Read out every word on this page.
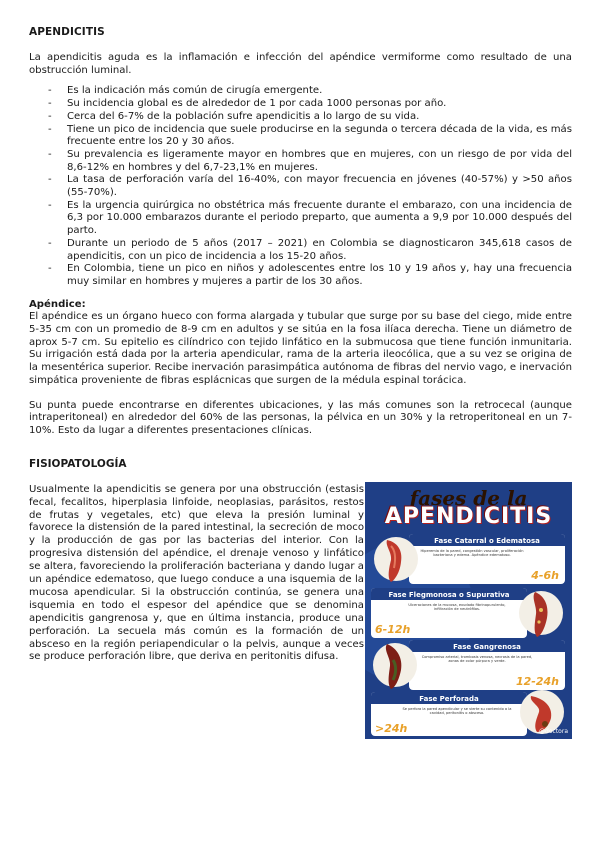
APENDICITIS

La apendicitis aguda es la inflamación e infección del apéndice vermiforme como resultado de una obstrucción luminal.

- Es la indicación más común de cirugía emergente.
- Su incidencia global es de alrededor de 1 por cada 1000 personas por año.
- Cerca del 6-7% de la población sufre apendicitis a lo largo de su vida.
- Tiene un pico de incidencia que suele producirse en la segunda o tercera década de la vida, es más frecuente entre los 20 y 30 años.
- Su prevalencia es ligeramente mayor en hombres que en mujeres, con un riesgo de por vida del 8,6-12% en hombres y del 6,7-23,1% en mujeres.
- La tasa de perforación varía del 16-40%, con mayor frecuencia en jóvenes (40-57%) y >50 años (55-70%).
- Es la urgencia quirúrgica no obstétrica más frecuente durante el embarazo, con una incidencia de 6,3 por 10.000 embarazos durante el periodo preparto, que aumenta a 9,9 por 10.000 después del parto.
- Durante un periodo de 5 años (2017 – 2021) en Colombia se diagnosticaron 345,618 casos de apendicitis, con un pico de incidencia a los 15-20 años.
- En Colombia, tiene un pico en niños y adolescentes entre los 10 y 19 años y, hay una frecuencia muy similar en hombres y mujeres a partir de los 30 años.
Apéndice:

El apéndice es un órgano hueco con forma alargada y tubular que surge por su base del ciego, mide entre 5-35 cm con un promedio de 8-9 cm en adultos y se sitúa en la fosa ilíaca derecha. Tiene un diámetro de aprox 5-7 cm. Su epitelio es cilíndrico con tejido linfático en la submucosa que tiene función inmunitaria. Su irrigación está dada por la arteria apendicular, rama de la arteria ileocólica, que a su vez se origina de la mesentérica superior. Recibe inervación parasimpática autónoma de fibras del nervio vago, e inervación simpática proveniente de fibras esplácnicas que surgen de la médula espinal torácica.

Su punta puede encontrarse en diferentes ubicaciones, y las más comunes son la retrocecal (aunque intraperitoneal) en alrededor del 60% de las personas, la pélvica en un 30% y la retroperitoneal en un 7-10%. Esto da lugar a diferentes presentaciones clínicas.

FISIOPATOLOGÍA

Usualmente la apendicitis se genera por una obstrucción (estasis fecal, fecalitos, hiperplasia linfoide, neoplasias, parásitos, restos de frutas y vegetales, etc) que eleva la presión luminal y favorece la distensión de la pared intestinal, la secreción de moco y la producción de gas por las bacterias del interior. Con la progresiva distensión del apéndice, el drenaje venoso y linfático se altera, favoreciendo la proliferación bacteriana y dando lugar a un apéndice edematoso, que luego conduce a una isquemia de la mucosa apendicular. Si la obstrucción continúa, se genera una isquemia en todo el espesor del apéndice que se denomina apendicitis gangrenosa y, que en última instancia, produce una perforación. La secuela más común es la formación de un absceso en la región periapendicular o la pelvis, aunque a veces se produce perforación libre, que deriva en peritonitis difusa.

fases de la
APENDICITIS
Fase Catarral o Edematosa
Hiperemia de la pared, congestión vascular, proliferación bacteriana y edema. Apéndice edematoso.
4-6h
Fase Flegmonosa o Supurativa
Ulceraciones de la mucosa, exudado fibrinopurulento, infiltración de neutrófilos.
6-12h
Fase Gangrenosa
Compromiso arterial, trombosis venosa, necrosis de la pared, zonas de color púrpura y verde.
12-24h
Fase Perforada
Se perfora la pared apendicular y se vierte su contenido a la cavidad, peritonitis o absceso.
>24h	@doctora
